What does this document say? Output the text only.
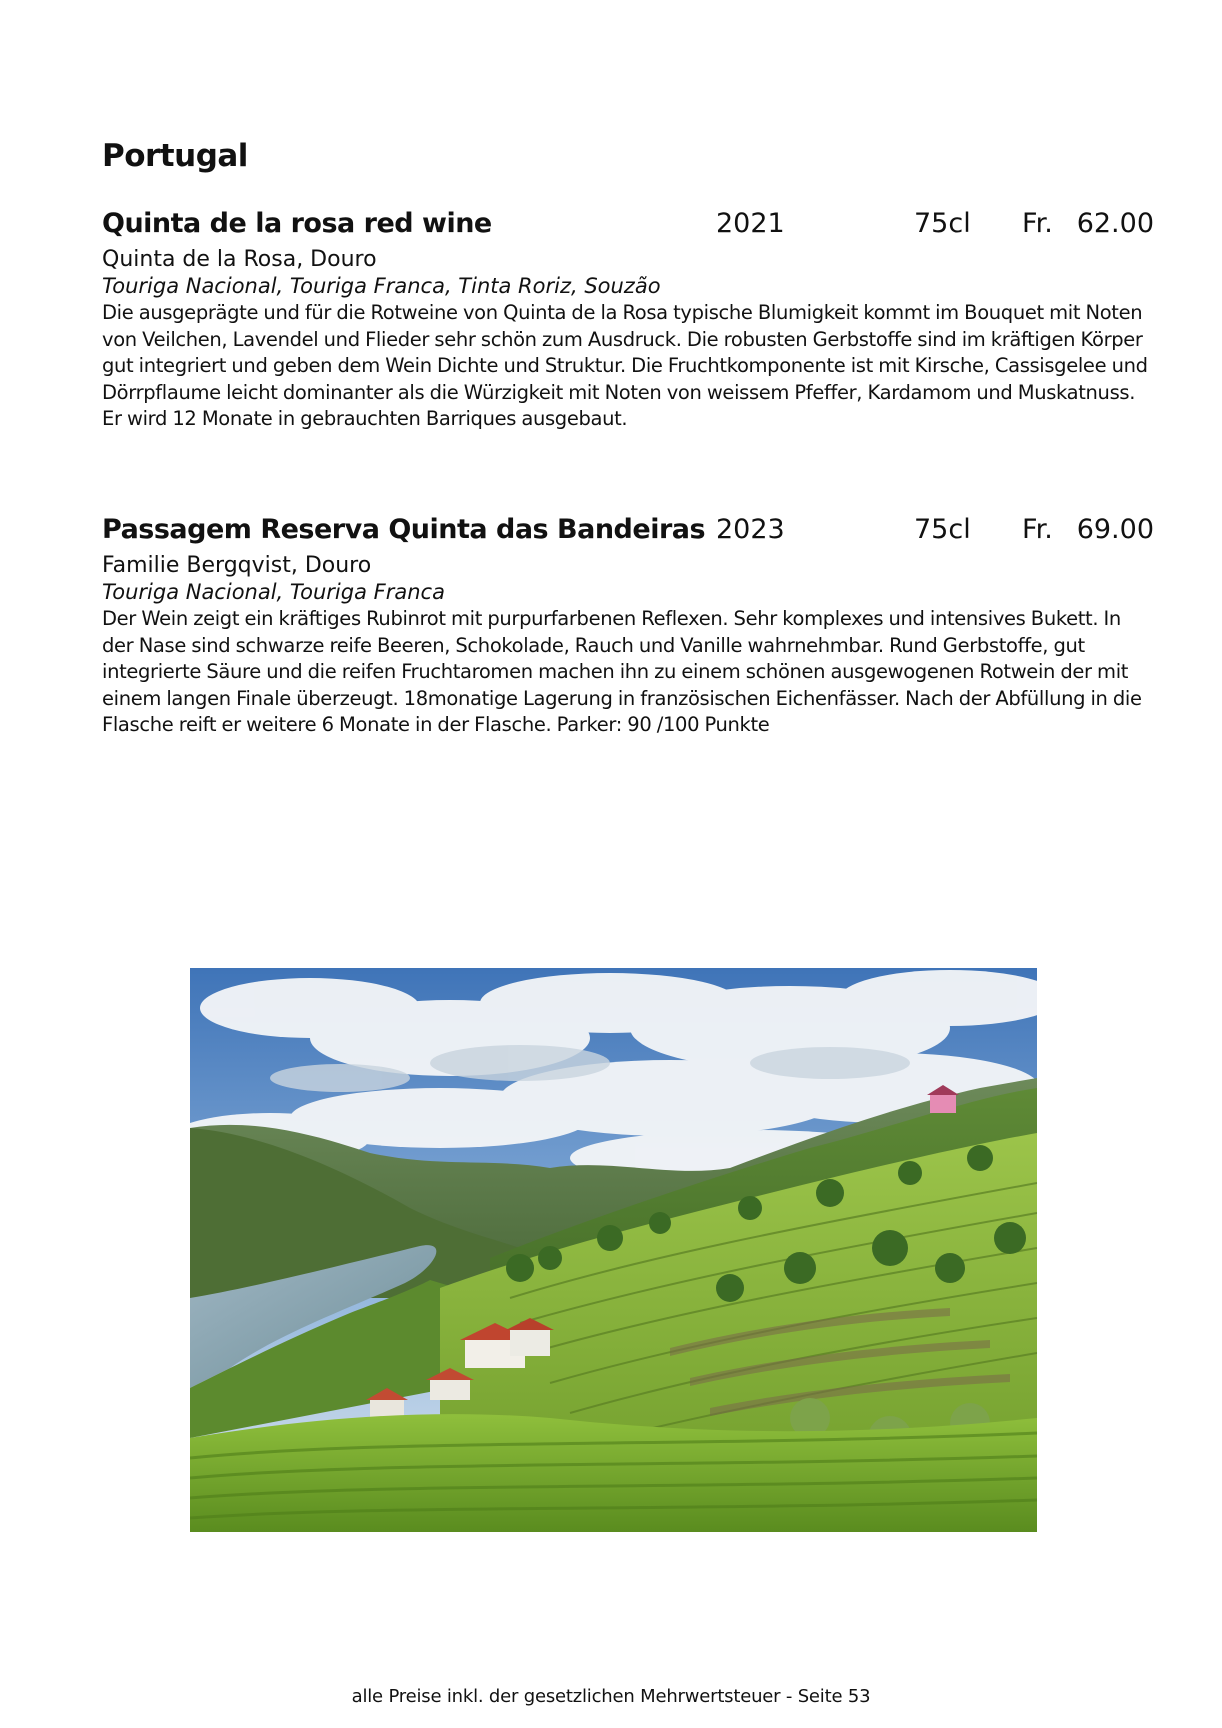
Portugal
Quinta de la rosa red wine	2021	75cl Fr. 62.00
Quinta de la Rosa, Douro
Touriga Nacional, Touriga Franca, Tinta Roriz, Souzão
Die ausgeprägte und für die Rotweine von Quinta de la Rosa typische Blumigkeit kommt im Bouquet mit Noten von Veilchen, Lavendel und Flieder sehr schön zum Ausdruck. Die robusten Gerbstoffe sind im kräftigen Körper gut integriert und geben dem Wein Dichte und Struktur. Die Fruchtkomponente ist mit Kirsche, Cassisgelee und Dörrpflaume leicht dominanter als die Würzigkeit mit Noten von weissem Pfeffer, Kardamom und Muskatnuss. Er wird 12 Monate in gebrauchten Barriques ausgebaut.
Passagem Reserva Quinta das Bandeiras 2023	75cl Fr. 69.00
Familie Bergqvist, Douro
Touriga Nacional, Touriga Franca
Der Wein zeigt ein kräftiges Rubinrot mit purpurfarbenen Reflexen. Sehr komplexes und intensives Bukett. In der Nase sind schwarze reife Beeren, Schokolade, Rauch und Vanille wahrnehmbar. Rund Gerbstoffe, gut integrierte Säure und die reifen Fruchtaromen machen ihn zu einem schönen ausgewogenen Rotwein der mit einem langen Finale überzeugt. 18monatige Lagerung in französischen Eichenfässer. Nach der Abfüllung in die Flasche reift er weitere 6 Monate in der Flasche. Parker: 90 /100 Punkte
alle Preise inkl. der gesetzlichen Mehrwertsteuer - Seite 53
